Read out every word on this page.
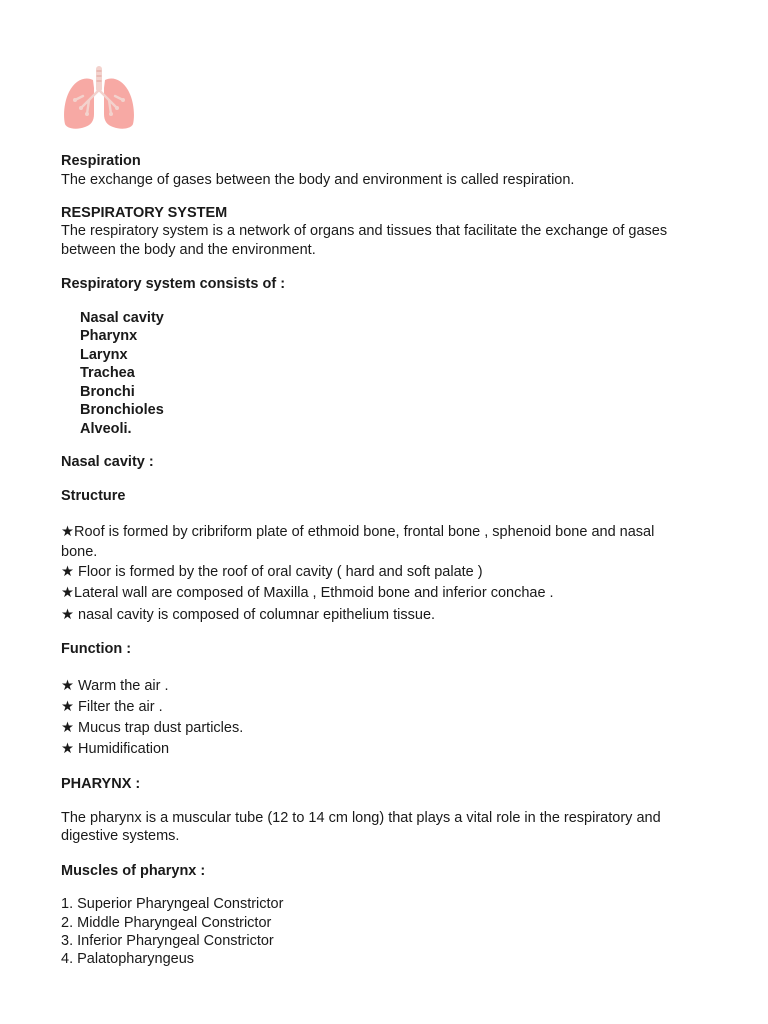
Respiration
The exchange of gases between the body and environment is called respiration.
RESPIRATORY SYSTEM
The respiratory system is a network of organs and tissues that facilitate the exchange of gases
between the body and the environment.
Respiratory system consists of :
Nasal cavity
Pharynx
Larynx
Trachea
Bronchi
Bronchioles
Alveoli.
Nasal cavity :
Structure
★Roof is formed by cribriform plate of ethmoid bone, frontal bone , sphenoid bone and nasal
bone.
★ Floor is formed by the roof of oral cavity ( hard and soft palate )
★Lateral wall are composed of Maxilla , Ethmoid bone and inferior conchae .
★ nasal cavity is composed of columnar epithelium tissue.
Function :
★ Warm the air .
★ Filter the air .
★ Mucus trap dust particles.
★ Humidification
PHARYNX :
The pharynx is a muscular tube (12 to 14 cm long) that plays a vital role in the respiratory and
digestive systems.
Muscles of pharynx :
1. Superior Pharyngeal Constrictor
2. Middle Pharyngeal Constrictor
3. Inferior Pharyngeal Constrictor
4. Palatopharyngeus
